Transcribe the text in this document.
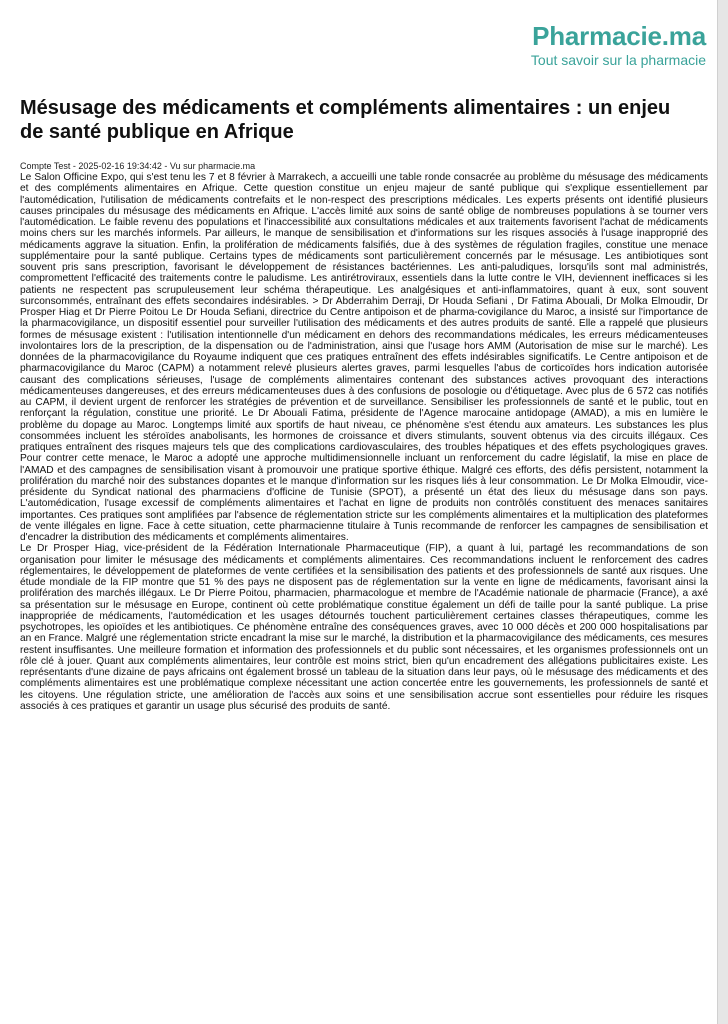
Pharmacie.ma
Tout savoir sur la pharmacie
Mésusage des médicaments et compléments alimentaires : un enjeu de santé publique en Afrique
Compte Test - 2025-02-16 19:34:42 - Vu sur pharmacie.ma

Le Salon Officine Expo, qui s'est tenu les 7 et 8 février à Marrakech, a accueilli une table ronde consacrée au problème du mésusage des médicaments et des compléments alimentaires en Afrique. Cette question constitue un enjeu majeur de santé publique qui s'explique essentiellement par l'automédication, l'utilisation de médicaments contrefaits et le non-respect des prescriptions médicales. Les experts présents ont identifié plusieurs causes principales du mésusage des médicaments en Afrique. L'accès limité aux soins de santé oblige de nombreuses populations à se tourner vers l'automédication. Le faible revenu des populations et l'inaccessibilité aux consultations médicales et aux traitements favorisent l'achat de médicaments moins chers sur les marchés informels. Par ailleurs, le manque de sensibilisation et d'informations sur les risques associés à l'usage inapproprié des médicaments aggrave la situation. Enfin, la prolifération de médicaments falsifiés, due à des systèmes de régulation fragiles, constitue une menace supplémentaire pour la santé publique. Certains types de médicaments sont particulièrement concernés par le mésusage. Les antibiotiques sont souvent pris sans prescription, favorisant le développement de résistances bactériennes. Les anti-paludiques, lorsqu'ils sont mal administrés, compromettent l'efficacité des traitements contre le paludisme. Les antirétroviraux, essentiels dans la lutte contre le VIH, deviennent inefficaces si les patients ne respectent pas scrupuleusement leur schéma thérapeutique. Les analgésiques et anti-inflammatoires, quant à eux, sont souvent surconsommés, entraînant des effets secondaires indésirables. > Dr Abderrahim Derraji, Dr Houda Sefiani , Dr Fatima Abouali, Dr Molka Elmoudir, Dr Prosper Hiag et Dr Pierre Poitou Le Dr Houda Sefiani, directrice du Centre antipoison et de pharma-covigilance du Maroc, a insisté sur l'importance de la pharmacovigilance, un dispositif essentiel pour surveiller l'utilisation des médicaments et des autres produits de santé. Elle a rappelé que plusieurs formes de mésusage existent : l'utilisation intentionnelle d'un médicament en dehors des recommandations médicales, les erreurs médicamenteuses involontaires lors de la prescription, de la dispensation ou de l'administration, ainsi que l'usage hors AMM (Autorisation de mise sur le marché). Les données de la pharmacovigilance du Royaume indiquent que ces pratiques entraînent des effets indésirables significatifs. Le Centre antipoison et de pharmacovigilance du Maroc (CAPM) a notamment relevé plusieurs alertes graves, parmi lesquelles l'abus de corticoïdes hors indication autorisée causant des complications sérieuses, l'usage de compléments alimentaires contenant des substances actives provoquant des interactions médicamenteuses dangereuses, et des erreurs médicamenteuses dues à des confusions de posologie ou d'étiquetage. Avec plus de 6 572 cas notifiés au CAPM, il devient urgent de renforcer les stratégies de prévention et de surveillance. Sensibiliser les professionnels de santé et le public, tout en renforçant la régulation, constitue une priorité. Le Dr Abouali Fatima, présidente de l'Agence marocaine antidopage (AMAD), a mis en lumière le problème du dopage au Maroc. Longtemps limité aux sportifs de haut niveau, ce phénomène s'est étendu aux amateurs. Les substances les plus consommées incluent les stéroïdes anabolisants, les hormones de croissance et divers stimulants, souvent obtenus via des circuits illégaux. Ces pratiques entraînent des risques majeurs tels que des complications cardiovasculaires, des troubles hépatiques et des effets psychologiques graves. Pour contrer cette menace, le Maroc a adopté une approche multidimensionnelle incluant un renforcement du cadre législatif, la mise en place de l'AMAD et des campagnes de sensibilisation visant à promouvoir une pratique sportive éthique. Malgré ces efforts, des défis persistent, notamment la prolifération du marché noir des substances dopantes et le manque d'information sur les risques liés à leur consommation. Le Dr Molka Elmoudir, vice-présidente du Syndicat national des pharmaciens d'officine de Tunisie (SPOT), a présenté un état des lieux du mésusage dans son pays. L'automédication, l'usage excessif de compléments alimentaires et l'achat en ligne de produits non contrôlés constituent des menaces sanitaires importantes. Ces pratiques sont amplifiées par l'absence de réglementation stricte sur les compléments alimentaires et la multiplication des plateformes de vente illégales en ligne. Face à cette situation, cette pharmacienne titulaire à Tunis recommande de renforcer les campagnes de sensibilisation et d'encadrer la distribution des médicaments et compléments alimentaires.

Le Dr Prosper Hiag, vice-président de la Fédération Internationale Pharmaceutique (FIP), a quant à lui, partagé les recommandations de son organisation pour limiter le mésusage des médicaments et compléments alimentaires. Ces recommandations incluent le renforcement des cadres réglementaires, le développement de plateformes de vente certifiées et la sensibilisation des patients et des professionnels de santé aux risques. Une étude mondiale de la FIP montre que 51 % des pays ne disposent pas de réglementation sur la vente en ligne de médicaments, favorisant ainsi la prolifération des marchés illégaux. Le Dr Pierre Poitou, pharmacien, pharmacologue et membre de l'Académie nationale de pharmacie (France), a axé sa présentation sur le mésusage en Europe, continent où cette problématique constitue également un défi de taille pour la santé publique. La prise inappropriée de médicaments, l'automédication et les usages détournés touchent particulièrement certaines classes thérapeutiques, comme les psychotropes, les opioïdes et les antibiotiques. Ce phénomène entraîne des conséquences graves, avec 10 000 décès et 200 000 hospitalisations par an en France. Malgré une réglementation stricte encadrant la mise sur le marché, la distribution et la pharmacovigilance des médicaments, ces mesures restent insuffisantes. Une meilleure formation et information des professionnels et du public sont nécessaires, et les organismes professionnels ont un rôle clé à jouer. Quant aux compléments alimentaires, leur contrôle est moins strict, bien qu'un encadrement des allégations publicitaires existe. Les représentants d'une dizaine de pays africains ont également brossé un tableau de la situation dans leur pays, où le mésusage des médicaments et des compléments alimentaires est une problématique complexe nécessitant une action concertée entre les gouvernements, les professionnels de santé et les citoyens. Une régulation stricte, une amélioration de l'accès aux soins et une sensibilisation accrue sont essentielles pour réduire les risques associés à ces pratiques et garantir un usage plus sécurisé des produits de santé.
